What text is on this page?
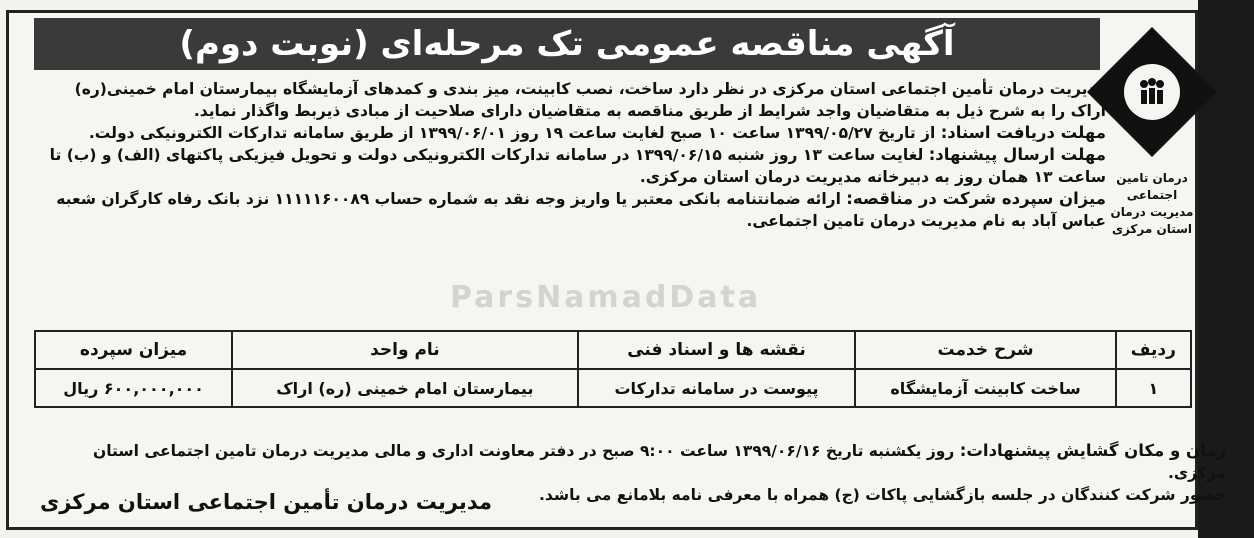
آگهی مناقصه عمومی تک مرحله‌ای (نوبت دوم)
درمان تامین اجتماعی
مدیریت درمان
استان مرکزی

مدیریت درمان تأمین اجتماعی استان مرکزی در نظر دارد ساخت، نصب کابینت، میز بندی و کمدهای آزمایشگاه بیمارستان امام خمینی(ره)

اراک را به شرح ذیل به متقاضیان واجد شرایط از طریق مناقصه به متقاضیان دارای صلاحیت از مبادی ذیربط واگذار نماید.

مهلت دریافت اسناد: از تاریخ ۱۳۹۹/۰۵/۲۷ ساعت ۱۰ صبح لغایت ساعت ۱۹ روز ۱۳۹۹/۰۶/۰۱ از طریق سامانه تدارکات الکترونیکی دولت.

مهلت ارسال پیشنهاد: لغایت ساعت ۱۳ روز شنبه ۱۳۹۹/۰۶/۱۵ در سامانه تدارکات الکترونیکی دولت و تحویل فیزیکی پاکتهای (الف) و (ب) تا ساعت ۱۳ همان روز به دبیرخانه مدیریت درمان استان مرکزی.

میزان سپرده شرکت در مناقصه: ارائه ضمانتنامه بانکی معتبر یا واریز وجه نقد به شماره حساب ۱۱۱۱۱۶۰۰۸۹ نزد بانک رفاه کارگران شعبه عباس آباد به نام مدیریت درمان تامین اجتماعی.

ParsNamadData
ردیف	شرح خدمت	نقشه ها و اسناد فنی	نام واحد	میزان سپرده
۱	ساخت کابینت آزمایشگاه	پیوست در سامانه تدارکات	بیمارستان امام خمینی (ره) اراک	۶۰۰,۰۰۰,۰۰۰ ریال

زمان و مکان گشایش پیشنهادات: روز یکشنبه تاریخ ۱۳۹۹/۰۶/۱۶ ساعت ۹:۰۰ صبح در دفتر معاونت اداری و مالی مدیریت درمان تامین اجتماعی استان مرکزی.

حضور شرکت کنندگان در جلسه بازگشایی پاکات (ج) همراه با معرفی نامه بلامانع می باشد.

مدیریت درمان تأمین اجتماعی استان مرکزی
